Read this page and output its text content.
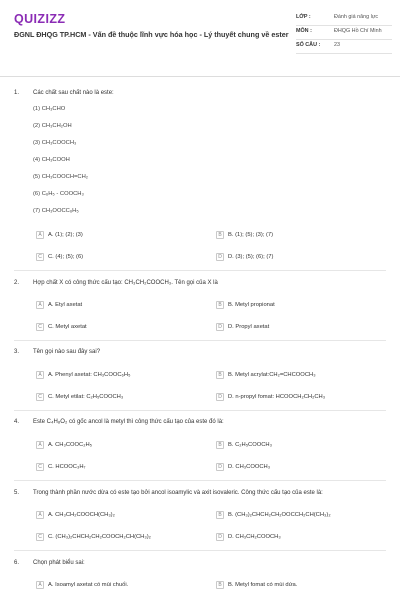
QUIZIZZ
ĐGNL ĐHQG TP.HCM - Vấn đề thuộc lĩnh vực hóa học - Lý thuyết chung về ester
LỚP :	Đánh giá năng lực
MÔN :	ĐHQG Hồ Chí Minh
SỐ CÂU :	23
1. Các chất sau chất nào là este:
(1) CH₃CHO
(2) CH₃CH₂OH
(3) CH₃COOCH₃
(4) CH₃COOH
(5) CH₃COOCH=CH₂
(6) C₆H₅ - COOCH₃
(7) CH₃OOCC₆H₅
A	A. (1); (2); (3)	B	B. (1); (5); (3); (7)
C	C. (4); (5); (6)	D	D. (3); (5); (6); (7)
2. Hợp chất X có công thức cấu tạo: CH₃CH₂COOCH₃. Tên gọi của X là
A	A. Etyl axetat	B	B. Metyl propionat
C	C. Metyl axetat	D	D. Propyl axetat
3. Tên gọi nào sau đây sai?
A	A. Phenyl axetat: CH₃COOC₆H₅	B	B. Metyl acrylat:CH₂=CHCOOCH₃
C	C. Metyl etilat: C₂H₅COOCH₃	D	D. n-propyl fomat: HCOOCH₂CH₂CH₃
4. Este C₄H₈O₂ có gốc ancol là metyl thì công thức cấu tạo của este đó là:
A	A. CH₃COOC₂H₅	B	B. C₂H₅COOCH₃
C	C. HCOOC₃H₇	D	D. CH₃COOCH₃
5. Trong thành phần nước dừa có este tạo bởi ancol isoamylic và axit isovaleric. Công thức cấu tạo của este là:
A	A. CH₃CH₂COOCH(CH₃)₂	B	B. (CH₃)₂CHCH₂CH₂OOCCH₂CH(CH₃)₂
C	C. (CH₃)₂CHCH₂CH₂COOCH₂CH(CH₃)₂	D	D. CH₃CH₂COOCH₃
6. Chọn phát biểu sai:
A	A. Isoamyl axetat có mùi chuối.	B	B. Metyl fomat có mùi dứa.
